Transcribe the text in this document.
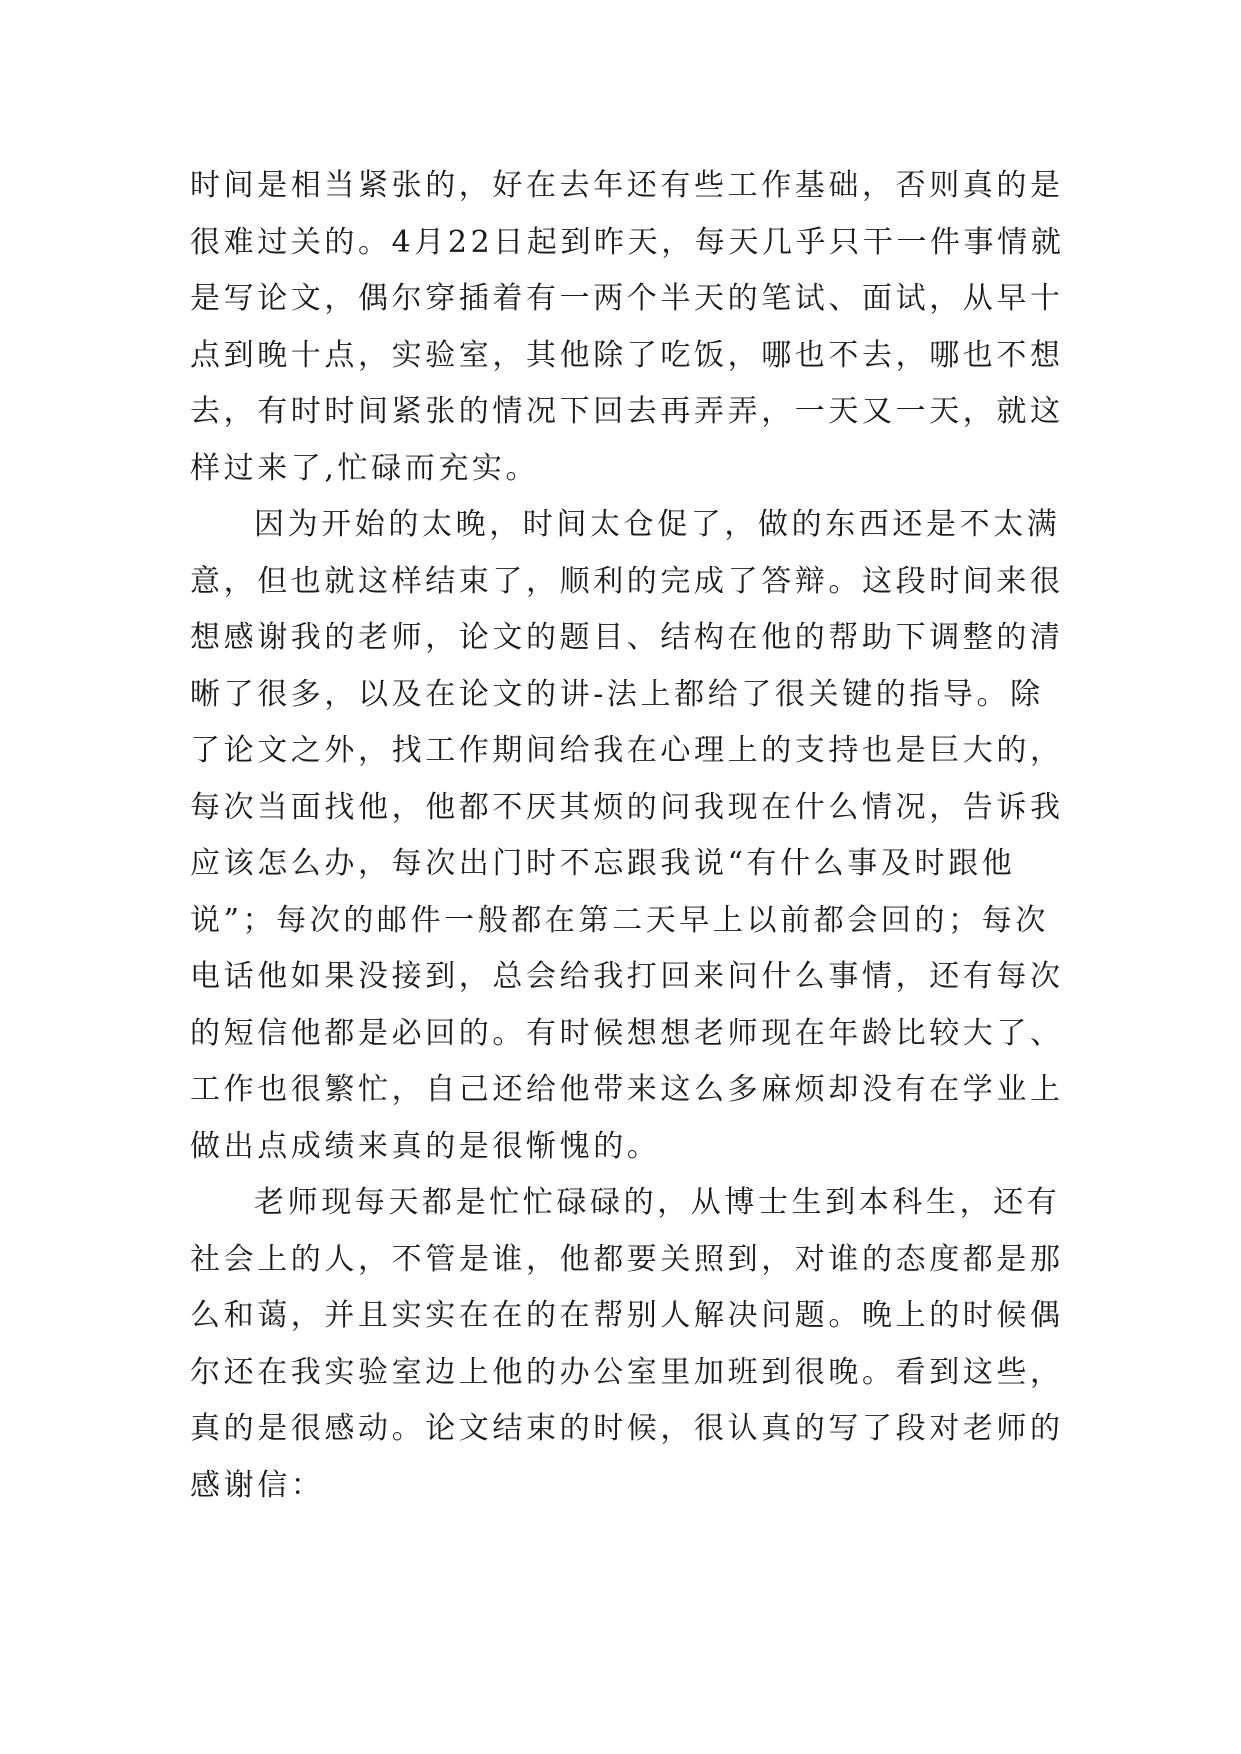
时间是相当紧张的，好在去年还有些工作基础，否则真的是
很难过关的。4月22日起到昨天，每天几乎只干一件事情就
是写论文，偶尔穿插着有一两个半天的笔试、面试，从早十
点到晚十点，实验室，其他除了吃饭，哪也不去，哪也不想
去，有时时间紧张的情况下回去再弄弄，一天又一天，就这
样过来了,忙碌而充实。

因为开始的太晚，时间太仓促了，做的东西还是不太满
意，但也就这样结束了，顺利的完成了答辩。这段时间来很
想感谢我的老师，论文的题目、结构在他的帮助下调整的清
晰了很多，以及在论文的讲-法上都给了很关键的指导。除
了论文之外，找工作期间给我在心理上的支持也是巨大的，
每次当面找他，他都不厌其烦的问我现在什么情况，告诉我
应该怎么办，每次出门时不忘跟我说“有什么事及时跟他
说”；每次的邮件一般都在第二天早上以前都会回的；每次
电话他如果没接到，总会给我打回来问什么事情，还有每次
的短信他都是必回的。有时候想想老师现在年龄比较大了、
工作也很繁忙，自己还给他带来这么多麻烦却没有在学业上
做出点成绩来真的是很惭愧的。

老师现每天都是忙忙碌碌的，从博士生到本科生，还有
社会上的人，不管是谁，他都要关照到，对谁的态度都是那
么和蔼，并且实实在在的在帮别人解决问题。晚上的时候偶
尔还在我实验室边上他的办公室里加班到很晚。看到这些，
真的是很感动。论文结束的时候，很认真的写了段对老师的
感谢信：
